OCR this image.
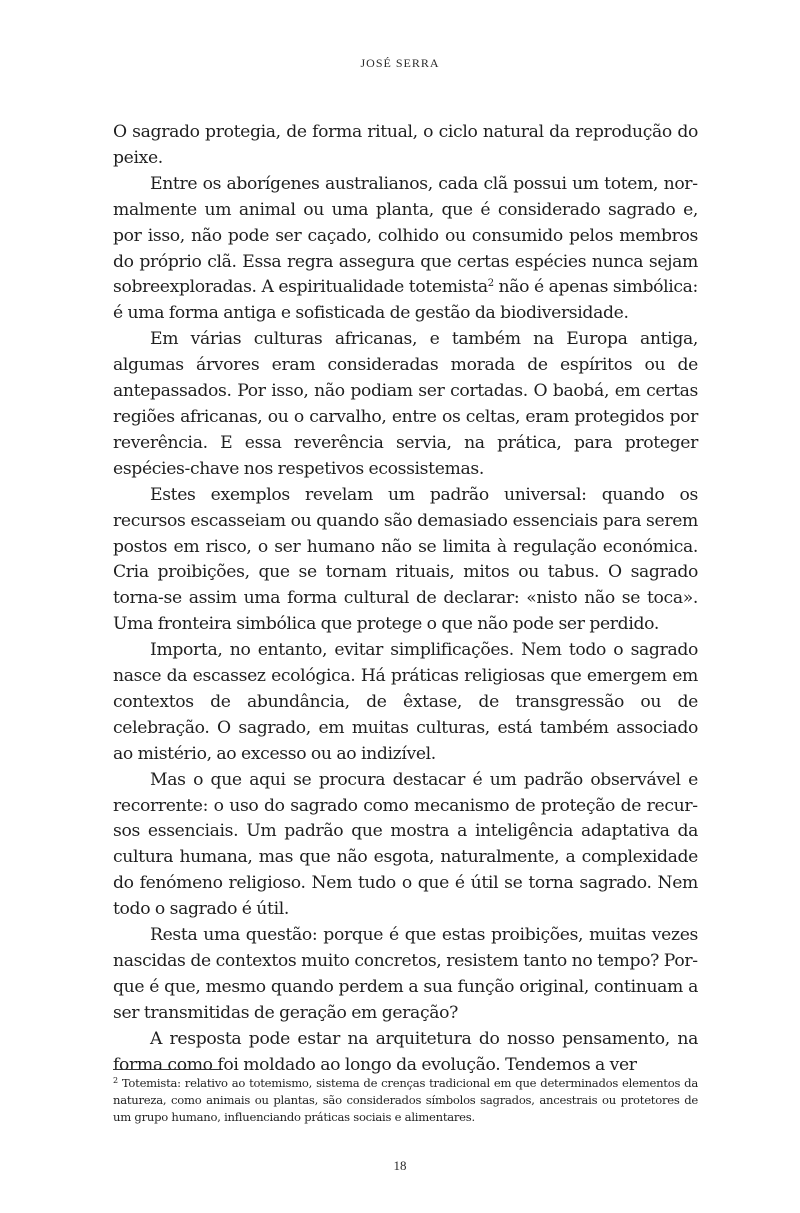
JOSÉ SERRA

O sagrado protegia, de forma ritual, o ciclo natural da reprodução do peixe.

Entre os aborígenes australianos, cada clã possui um totem, normalmente um animal ou uma planta, que é considerado sagrado e, por isso, não pode ser caçado, colhido ou consumido pelos membros do próprio clã. Essa regra assegura que certas espécies nunca sejam sobreexploradas. A espiritualidade totemista$^2$ não é apenas simbólica: é uma forma antiga e sofisticada de gestão da biodiversidade.

Em várias culturas africanas, e também na Europa antiga, algumas árvores eram consideradas morada de espíritos ou de antepassados. Por isso, não podiam ser cortadas. O baobá, em certas regiões africanas, ou o carvalho, entre os celtas, eram protegidos por reverência. E essa reverência servia, na prática, para proteger espécies-chave nos respetivos ecossistemas.

Estes exemplos revelam um padrão universal: quando os recursos escasseiam ou quando são demasiado essenciais para serem postos em risco, o ser humano não se limita à regulação económica. Cria proibições, que se tornam rituais, mitos ou tabus. O sagrado torna-se assim uma forma cultural de declarar: «nisto não se toca». Uma fronteira simbólica que protege o que não pode ser perdido.

Importa, no entanto, evitar simplificações. Nem todo o sagrado nasce da escassez ecológica. Há práticas religiosas que emergem em contextos de abundância, de êxtase, de transgressão ou de celebração. O sagrado, em muitas culturas, está também associado ao mistério, ao excesso ou ao indizível.

Mas o que aqui se procura destacar é um padrão observável e recorrente: o uso do sagrado como mecanismo de proteção de recursos essenciais. Um padrão que mostra a inteligência adaptativa da cultura humana, mas que não esgota, naturalmente, a complexidade do fenómeno religioso. Nem tudo o que é útil se torna sagrado. Nem todo o sagrado é útil.

Resta uma questão: porque é que estas proibições, muitas vezes nascidas de contextos muito concretos, resistem tanto no tempo? Porque é que, mesmo quando perdem a sua função original, continuam a ser transmitidas de geração em geração?

A resposta pode estar na arquitetura do nosso pensamento, na forma como foi moldado ao longo da evolução. Tendemos a ver

$^2$ Totemista: relativo ao totemismo, sistema de crenças tradicional em que determinados elementos da natureza, como animais ou plantas, são considerados símbolos sagrados, ancestrais ou protetores de um grupo humano, influenciando práticas sociais e alimentares.
18
